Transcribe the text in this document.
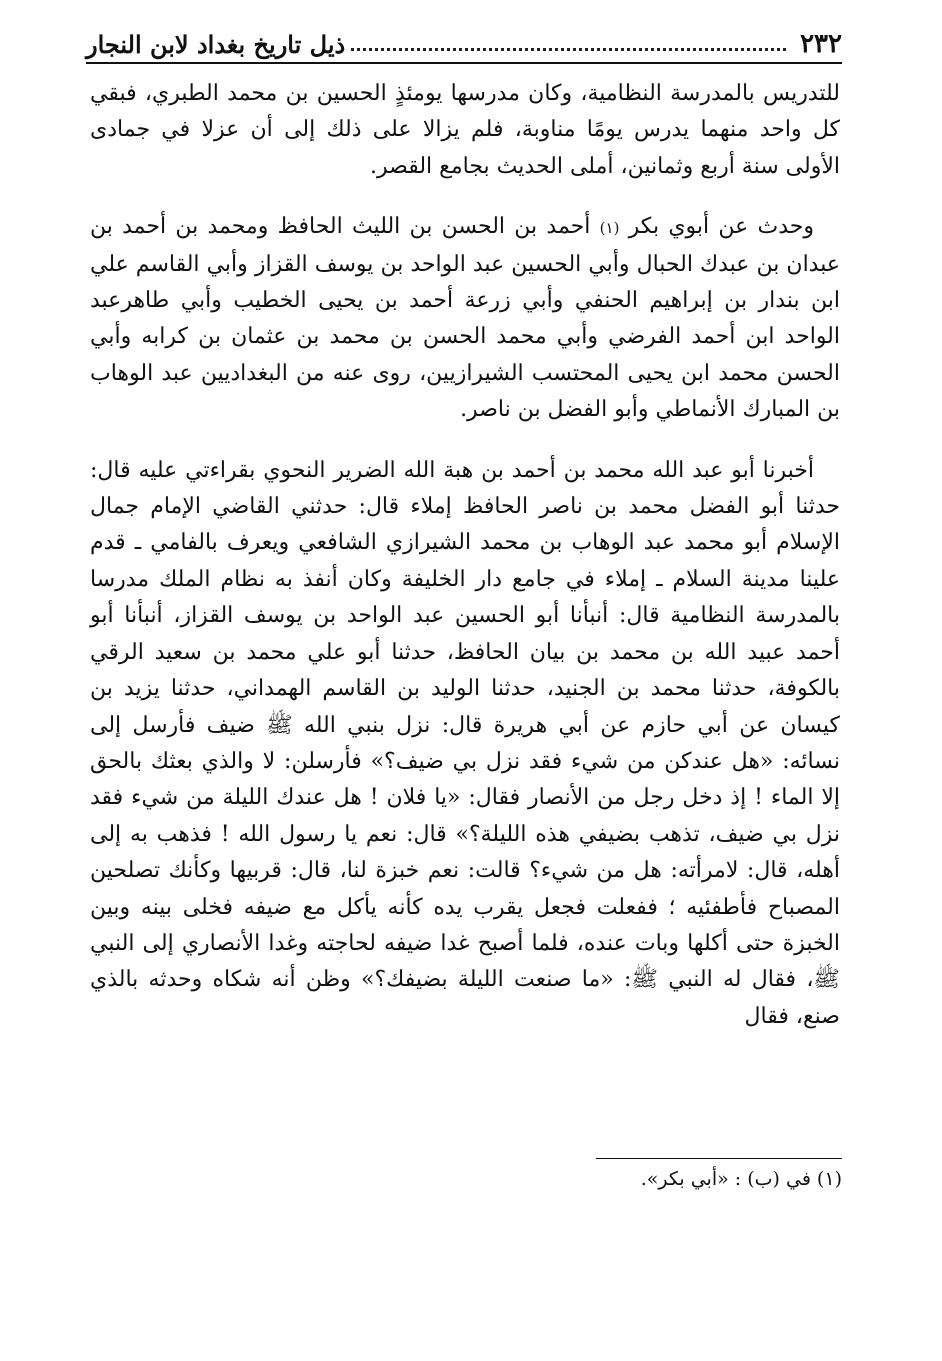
٢٣٢
ذيل تاريخ بغداد لابن النجار

للتدريس بالمدرسة النظامية، وكان مدرسها يومئذٍ الحسين بن محمد الطبري، فبقي كل واحد منهما يدرس يومًا مناوبة، فلم يزالا على ذلك إلى أن عزلا في جمادى الأولى سنة أربع وثمانين، أملى الحديث بجامع القصر.

وحدث عن أبوي بكر (١) أحمد بن الحسن بن الليث الحافظ ومحمد بن أحمد بن عبدان بن عبدك الحبال وأبي الحسين عبد الواحد بن يوسف القزاز وأبي القاسم علي ابن بندار بن إبراهيم الحنفي وأبي زرعة أحمد بن يحيى الخطيب وأبي طاهرعبد الواحد ابن أحمد الفرضي وأبي محمد الحسن بن محمد بن عثمان بن كرابه وأبي الحسن محمد ابن يحيى المحتسب الشيرازيين، روى عنه من البغداديين عبد الوهاب بن المبارك الأنماطي وأبو الفضل بن ناصر.

أخبرنا أبو عبد الله محمد بن أحمد بن هبة الله الضرير النحوي بقراءتي عليه قال: حدثنا أبو الفضل محمد بن ناصر الحافظ إملاء قال: حدثني القاضي الإمام جمال الإسلام أبو محمد عبد الوهاب بن محمد الشيرازي الشافعي ويعرف بالفامي ـ قدم علينا مدينة السلام ـ إملاء في جامع دار الخليفة وكان أنفذ به نظام الملك مدرسا بالمدرسة النظامية قال: أنبأنا أبو الحسين عبد الواحد بن يوسف القزاز، أنبأنا أبو أحمد عبيد الله بن محمد بن بيان الحافظ، حدثنا أبو علي محمد بن سعيد الرقي بالكوفة، حدثنا محمد بن الجنيد، حدثنا الوليد بن القاسم الهمداني، حدثنا يزيد بن كيسان عن أبي حازم عن أبي هريرة قال: نزل بنبي الله ﷺ ضيف فأرسل إلى نسائه: «هل عندكن من شيء فقد نزل بي ضيف؟» فأرسلن: لا والذي بعثك بالحق إلا الماء ! إذ دخل رجل من الأنصار فقال: «يا فلان ! هل عندك الليلة من شيء فقد نزل بي ضيف، تذهب بضيفي هذه الليلة؟» قال: نعم يا رسول الله ! فذهب به إلى أهله، قال: لامرأته: هل من شيء؟ قالت: نعم خبزة لنا، قال: قربيها وكأنك تصلحين المصباح فأطفئيه ؛ ففعلت فجعل يقرب يده كأنه يأكل مع ضيفه فخلى بينه وبين الخبزة حتى أكلها وبات عنده، فلما أصبح غدا ضيفه لحاجته وغدا الأنصاري إلى النبي ﷺ، فقال له النبي ﷺ: «ما صنعت الليلة بضيفك؟» وظن أنه شكاه وحدثه بالذي صنع، فقال

(١) في (ب) : «أبي بكر».
